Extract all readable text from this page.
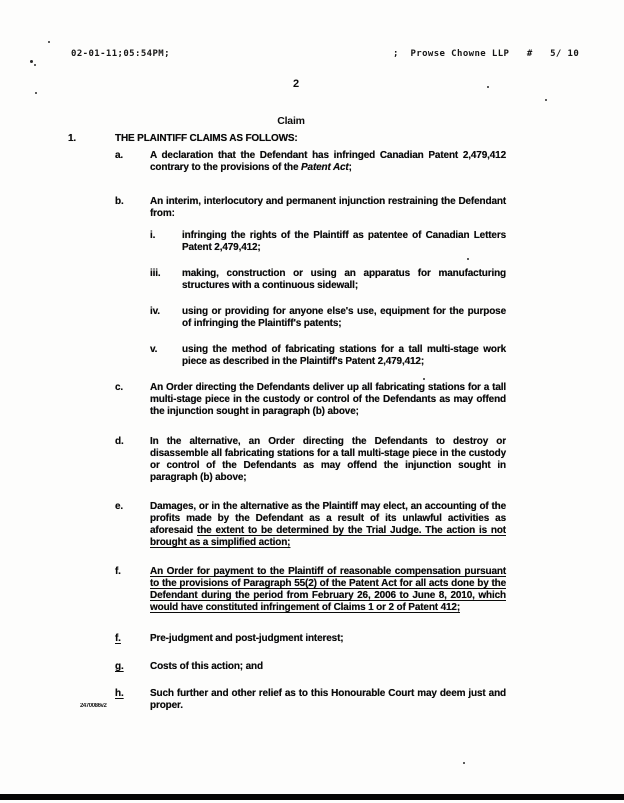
02-01-11;05:54PM;	;  Prowse Chowne LLP   #   5/ 10
2
Claim
1.	THE PLAINTIFF CLAIMS AS FOLLOWS:
a.	A declaration that the Defendant has infringed Canadian Patent 2,479,412 contrary to the provisions of the Patent Act;
b.	An interim, interlocutory and permanent injunction restraining the Defendant from:
i.	infringing the rights of the Plaintiff as patentee of Canadian Letters Patent 2,479,412;
iii.	making, construction or using an apparatus for manufacturing structures with a continuous sidewall;
iv.	using or providing for anyone else's use, equipment for the purpose of infringing the Plaintiff's patents;
v.	using the method of fabricating stations for a tall multi-stage work piece as described in the Plaintiff's Patent 2,479,412;
c.	An Order directing the Defendants deliver up all fabricating stations for a tall multi-stage piece in the custody or control of the Defendants as may offend the injunction sought in paragraph (b) above;
d.	In the alternative, an Order directing the Defendants to destroy or disassemble all fabricating stations for a tall multi-stage piece in the custody or control of the Defendants as may offend the injunction sought in paragraph (b) above;
e.	Damages, or in the alternative as the Plaintiff may elect, an accounting of the profits made by the Defendant as a result of its unlawful activities as aforesaid the extent to be determined by the Trial Judge. The action is not brought as a simplified action;
f.	An Order for payment to the Plaintiff of reasonable compensation pursuant to the provisions of Paragraph 55(2) of the Patent Act for all acts done by the Defendant during the period from February 26, 2006 to June 8, 2010, which would have constituted infringement of Claims 1 or 2 of Patent 412;
f.	Pre-judgment and post-judgment interest;
g.	Costs of this action; and
h.	Such further and other relief as to this Honourable Court may deem just and proper.
2470086v2
